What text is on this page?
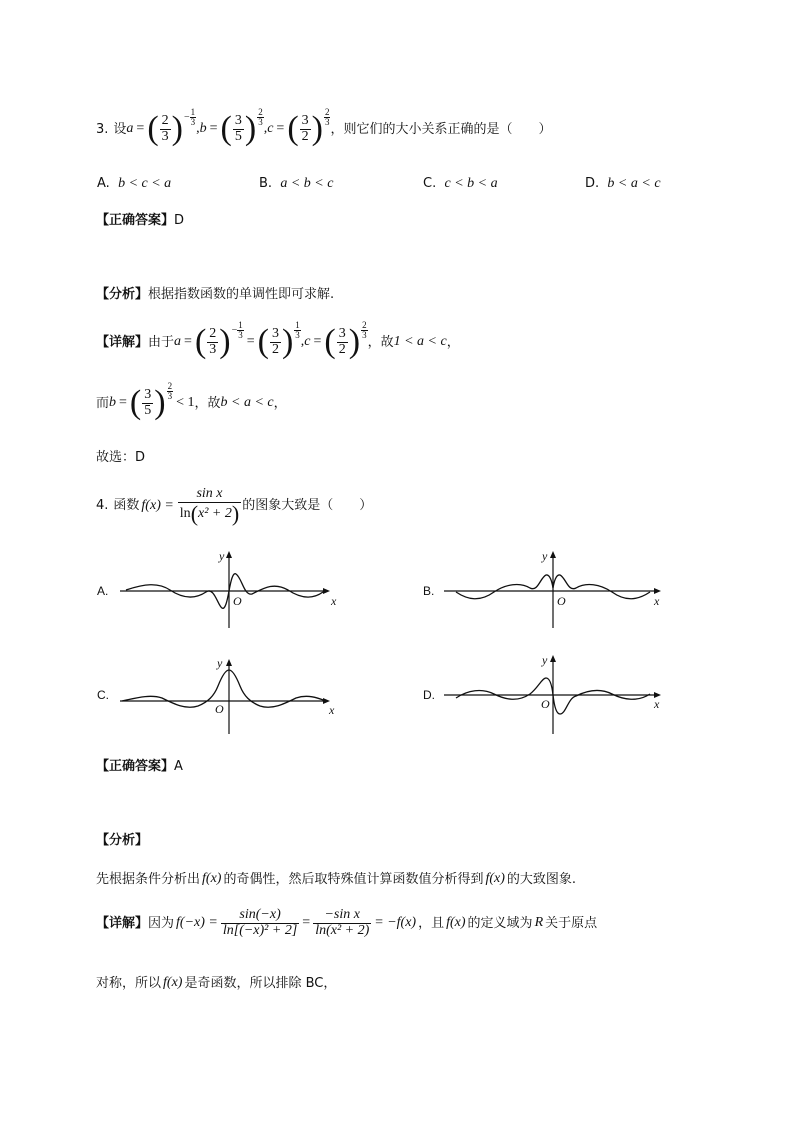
3. 设 a = ( $\frac{2}{3}$ ) − $\frac{1}{3}$
, b = ( $\frac{3}{5}$ ) 2
3 , c = ( $\frac{3}{2}$ ) 2
3 ，则它们的大小关系正确的是（　　）
A. b < c < a	B. a < b < c	C. c < b < a	D. b < a < c
【正确答案】D
【分析】根据指数函数的单调性即可求解.
【详解】 由于 a = ( $\frac{2}{3}$ ) − $\frac{1}{3}$
= ( $\frac{3}{2}$ ) 1
3 , c = ( $\frac{3}{2}$ ) 2
3 ，故 1 < a < c ，
而 b = ( $\frac{3}{5}$ ) 2
3 < 1 ，故 b < a < c ，
故选：D
4. 函数 $f(x) = \frac{\text{sin x}}{\text{ln(x² + 2)}}$ 的图象大致是（　　）
A.
x
y
O
B.
x
y
O
C.
x
y
O
D.
x
y
O
【正确答案】A
【分析】
先根据条件分析出 f(x) 的奇偶性，然后取特殊值计算函数值分析得到 f(x) 的大致图象.
【详解】 因为 $f(-x) = \frac{\sin(-x)}{\text{ln[(−x)² + 2]}} = \frac{\text{−sin x}}{\text{ln(x² + 2)}} = -f(x)$ ，且 f(x) 的定义域为 R 关于原点
对称，所以 f(x) 是奇函数，所以排除 BC，
